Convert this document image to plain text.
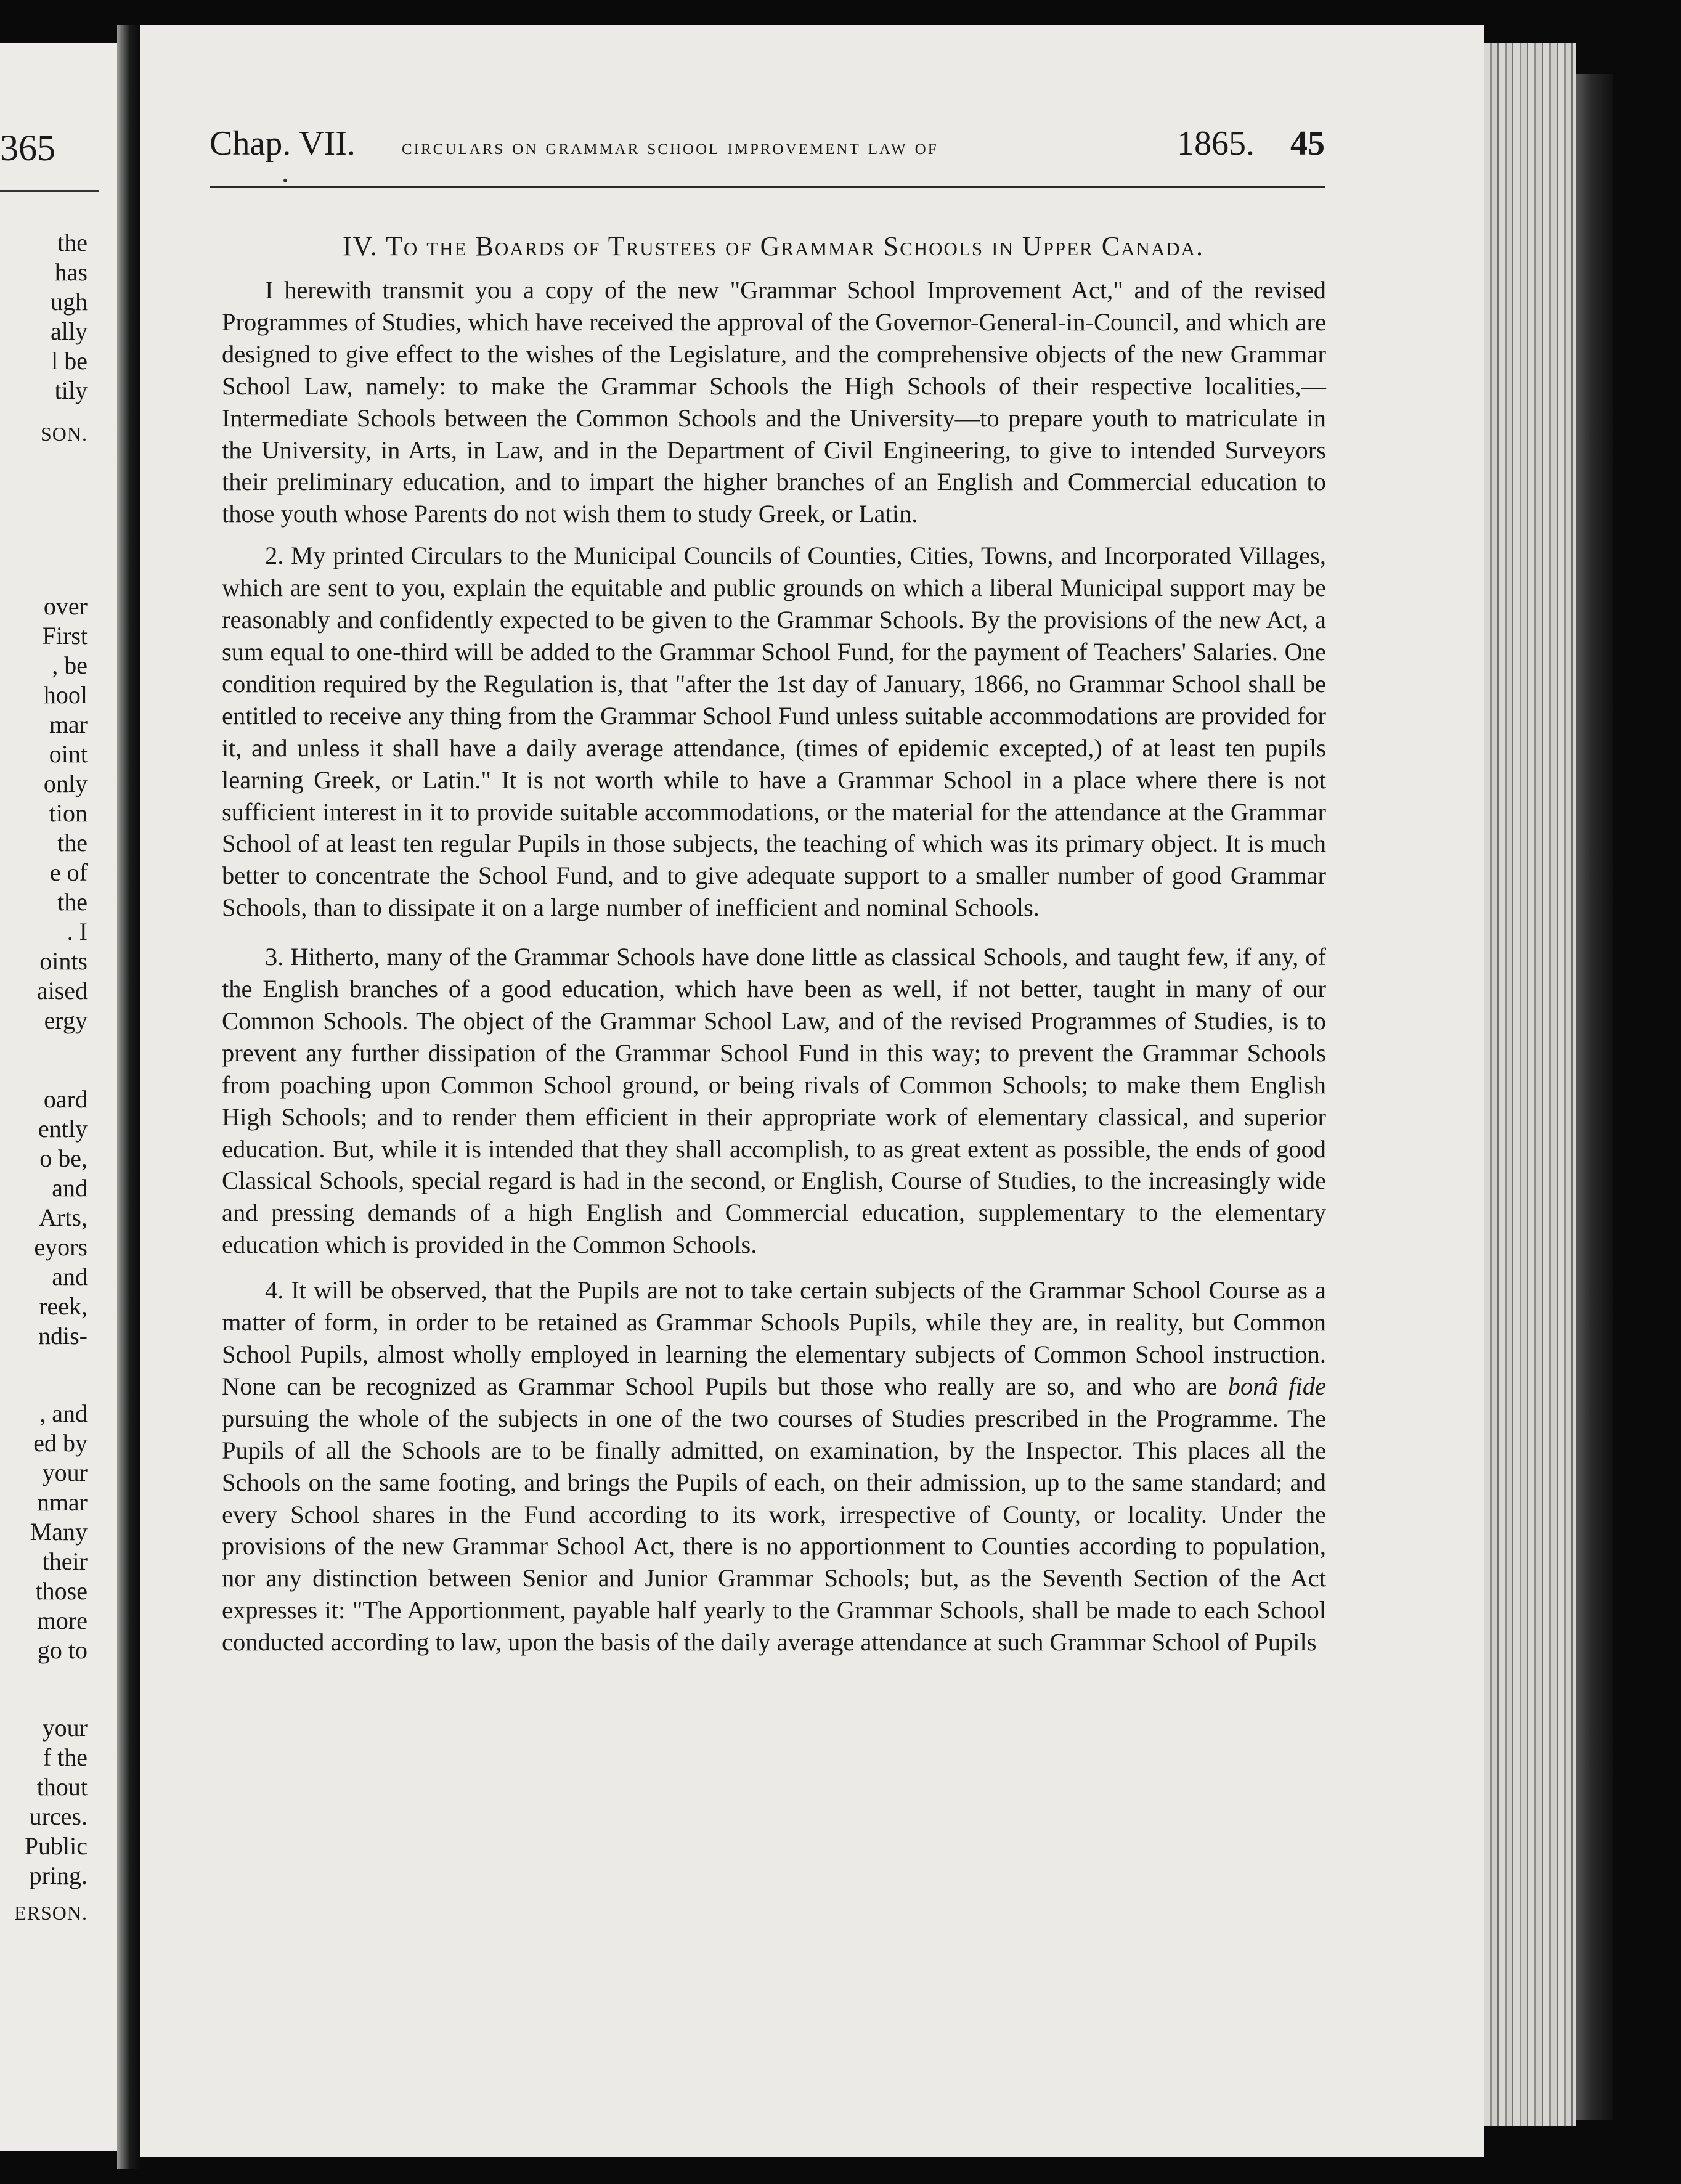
365
the
has
ugh
ally
l be
tily
SON.
over
First
, be
hool
mar
oint
only
tion
the
e of
the
. I
oints
aised
ergy
oard
ently
o be,
and
Arts,
eyors
and
reek,
ndis-
, and
ed by
your
nmar
Many
their
those
more
go to
your
f the
thout
urces.
Public
pring.
ERSON.
Chap. VII. circulars on grammar school improvement law of	1865. 45
IV. To the Boards of Trustees of Grammar Schools in Upper Canada.

I herewith transmit you a copy of the new "Grammar School Improvement Act," and of the revised Programmes of Studies, which have received the approval of the Governor-General-in-Council, and which are designed to give effect to the wishes of the Legislature, and the comprehensive objects of the new Grammar School Law, namely: to make the Grammar Schools the High Schools of their respective localities,—Intermediate Schools between the Common Schools and the University—to prepare youth to matriculate in the University, in Arts, in Law, and in the Department of Civil Engineering, to give to intended Surveyors their preliminary education, and to impart the higher branches of an English and Commercial education to those youth whose Parents do not wish them to study Greek, or Latin.

2. My printed Circulars to the Municipal Councils of Counties, Cities, Towns, and Incorporated Villages, which are sent to you, explain the equitable and public grounds on which a liberal Municipal support may be reasonably and confidently expected to be given to the Grammar Schools. By the provisions of the new Act, a sum equal to one-third will be added to the Grammar School Fund, for the payment of Teachers' Salaries. One condition required by the Regulation is, that "after the 1st day of January, 1866, no Grammar School shall be entitled to receive any thing from the Grammar School Fund unless suitable accommodations are provided for it, and unless it shall have a daily average attendance, (times of epidemic excepted,) of at least ten pupils learning Greek, or Latin." It is not worth while to have a Grammar School in a place where there is not sufficient interest in it to provide suitable accommodations, or the material for the attendance at the Grammar School of at least ten regular Pupils in those subjects, the teaching of which was its primary object. It is much better to concentrate the School Fund, and to give adequate support to a smaller number of good Grammar Schools, than to dissipate it on a large number of inefficient and nominal Schools.

3. Hitherto, many of the Grammar Schools have done little as classical Schools, and taught few, if any, of the English branches of a good education, which have been as well, if not better, taught in many of our Common Schools. The object of the Grammar School Law, and of the revised Programmes of Studies, is to prevent any further dissipation of the Grammar School Fund in this way; to prevent the Grammar Schools from poaching upon Common School ground, or being rivals of Common Schools; to make them English High Schools; and to render them efficient in their appropriate work of elementary classical, and superior education. But, while it is intended that they shall accomplish, to as great extent as possible, the ends of good Classical Schools, special regard is had in the second, or English, Course of Studies, to the increasingly wide and pressing demands of a high English and Commercial education, supplementary to the elementary education which is provided in the Common Schools.

4. It will be observed, that the Pupils are not to take certain subjects of the Grammar School Course as a matter of form, in order to be retained as Grammar Schools Pupils, while they are, in reality, but Common School Pupils, almost wholly employed in learning the elementary subjects of Common School instruction. None can be recognized as Grammar School Pupils but those who really are so, and who are bonâ fide pursuing the whole of the subjects in one of the two courses of Studies prescribed in the Programme. The Pupils of all the Schools are to be finally admitted, on examination, by the Inspector. This places all the Schools on the same footing, and brings the Pupils of each, on their admission, up to the same standard; and every School shares in the Fund according to its work, irrespective of County, or locality. Under the provisions of the new Grammar School Act, there is no apportionment to Counties according to population, nor any distinction between Senior and Junior Grammar Schools; but, as the Seventh Section of the Act expresses it: "The Apportionment, payable half yearly to the Grammar Schools, shall be made to each School conducted according to law, upon the basis of the daily average attendance at such Grammar School of Pupils
